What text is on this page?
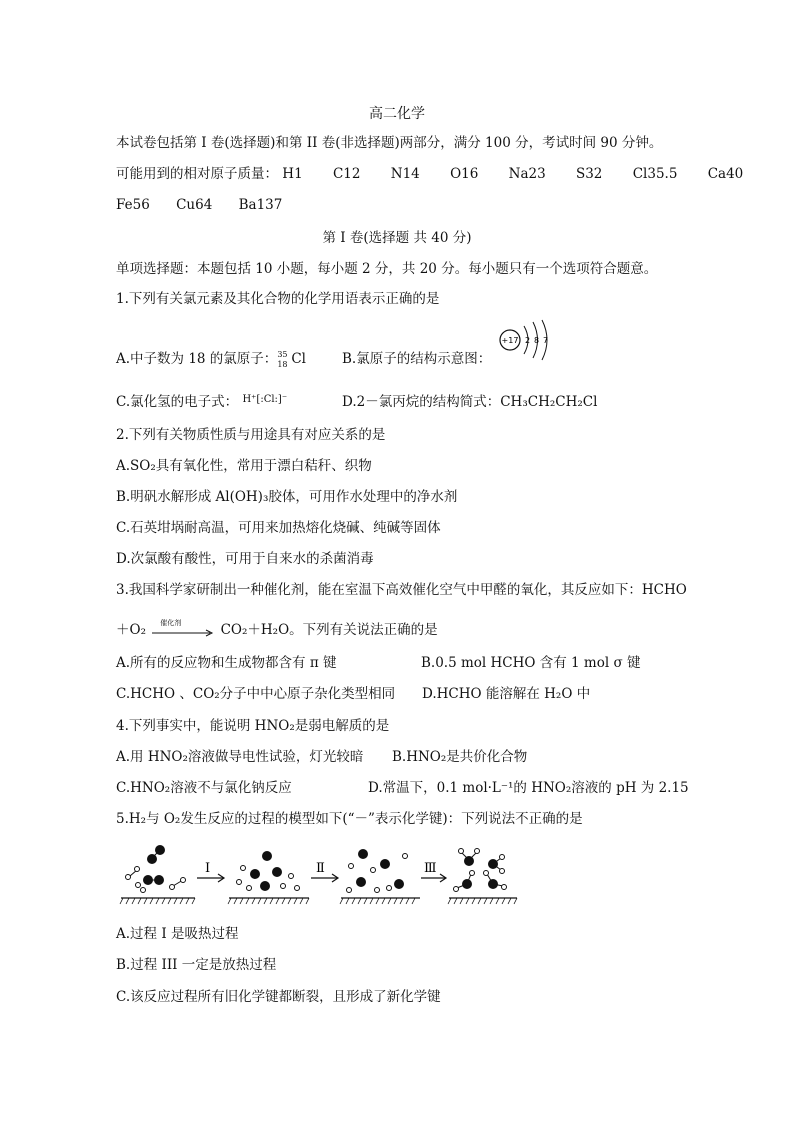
高二化学
本试卷包括第 I 卷(选择题)和第 II 卷(非选择题)两部分，满分 100 分，考试时间 90 分钟。
可能用到的相对原子质量： H1 C12 N14 O16 Na23 S32 Cl35.5 Ca40
Fe56 Cu64 Ba137
第 I 卷(选择题 共 40 分)
单项选择题：本题包括 10 小题，每小题 2 分，共 20 分。每小题只有一个选项符合题意。
1.下列有关氯元素及其化合物的化学用语表示正确的是
A.中子数为 18 的氯原子： 35
18 Cl	B.氯原子的结构示意图：
+17 2 8 7
C.氯化氢的电子式： $^{H^+[:Cl:]^-}$	D.2－氯丙烷的结构简式：CH₃CH₂CH₂Cl
2.下列有关物质性质与用途具有对应关系的是
A.SO₂具有氧化性，常用于漂白秸秆、织物
B.明矾水解形成 Al(OH)₃胶体，可用作水处理中的净水剂
C.石英坩埚耐高温，可用来加热熔化烧碱、纯碱等固体
D.次氯酸有酸性，可用于自来水的杀菌消毒
3.我国科学家研制出一种催化剂，能在室温下高效催化空气中甲醛的氧化，其反应如下：HCHO
＋O₂ 催化剂	CO₂＋H₂O。下列有关说法正确的是
A.所有的反应物和生成物都含有 π 键	B.0.5 mol HCHO 含有 1 mol σ 键
C.HCHO 、CO₂分子中中心原子杂化类型相同 D.HCHO 能溶解在 H₂O 中
4.下列事实中，能说明 HNO₂是弱电解质的是
A.用 HNO₂溶液做导电性试验，灯光较暗 B.HNO₂是共价化合物
C.HNO₂溶液不与氯化钠反应	D.常温下，0.1 mol·L⁻¹的 HNO₂溶液的 pH 为 2.15
5.H₂与 O₂发生反应的过程的模型如下(“－”表示化学键)：下列说法不正确的是
I	Ⅱ	Ⅲ
A.过程 I 是吸热过程
B.过程 III 一定是放热过程
C.该反应过程所有旧化学键都断裂，且形成了新化学键
